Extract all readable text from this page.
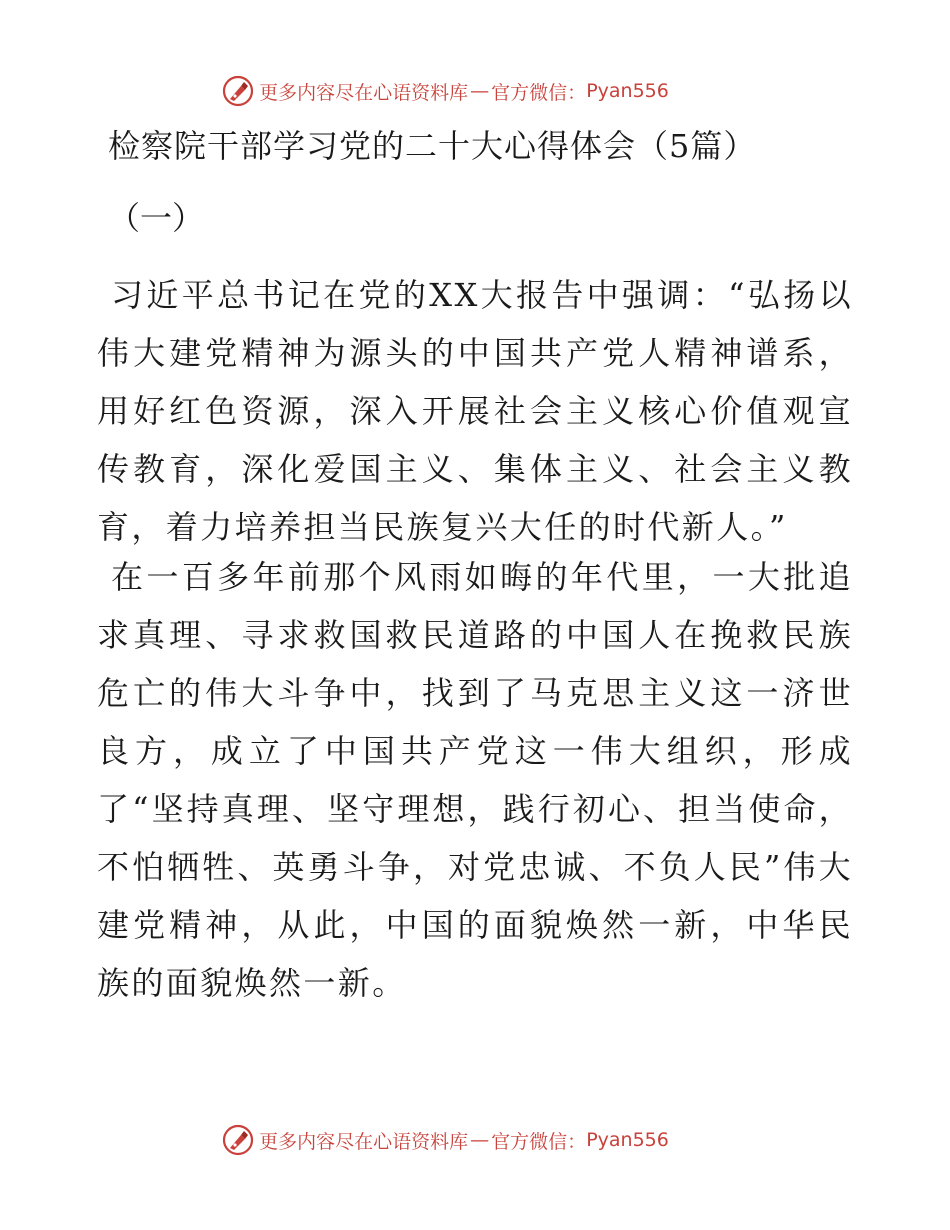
更多内容尽在心语资料库 — 官方微信： Pyan556
检察院干部学习党的二十大心得体会（5篇）
（一）

习近平总书记在党的XX大报告中强调：“弘扬以伟大建党精神为源头的中国共产党人精神谱系，用好红色资源，深入开展社会主义核心价值观宣传教育，深化爱国主义、集体主义、社会主义教育，着力培养担当民族复兴大任的时代新人。”

在一百多年前那个风雨如晦的年代里，一大批追求真理、寻求救国救民道路的中国人在挽救民族危亡的伟大斗争中，找到了马克思主义这一济世良方，成立了中国共产党这一伟大组织，形成了“坚持真理、坚守理想，践行初心、担当使命，不怕牺牲、英勇斗争，对党忠诚、不负人民”伟大建党精神，从此，中国的面貌焕然一新，中华民族的面貌焕然一新。

更多内容尽在心语资料库 — 官方微信： Pyan556
